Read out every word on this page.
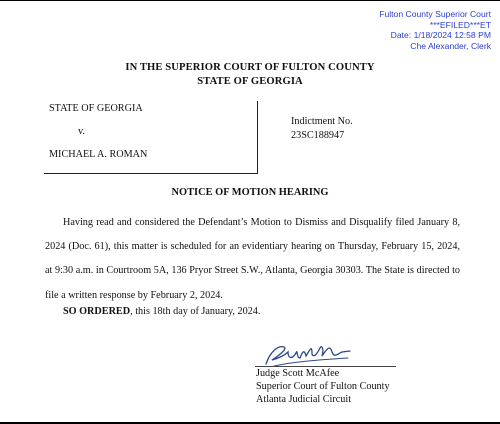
Fulton County Superior Court
***EFILED***ET
Date: 1/18/2024 12:58 PM
Che Alexander, Clerk
IN THE SUPERIOR COURT OF FULTON COUNTY
STATE OF GEORGIA
STATE OF GEORGIA
v.
MICHAEL A. ROMAN
Indictment No.
23SC188947
NOTICE OF MOTION HEARING
Having read and considered the Defendant’s Motion to Dismiss and Disqualify filed January 8, 2024 (Doc. 61), this matter is scheduled for an evidentiary hearing on Thursday, February 15, 2024, at 9:30 a.m. in Courtroom 5A, 136 Pryor Street S.W., Atlanta, Georgia 30303. The State is directed to file a written response by February 2, 2024.
SO ORDERED, this 18th day of January, 2024.
Judge Scott McAfee
Superior Court of Fulton County
Atlanta Judicial Circuit
